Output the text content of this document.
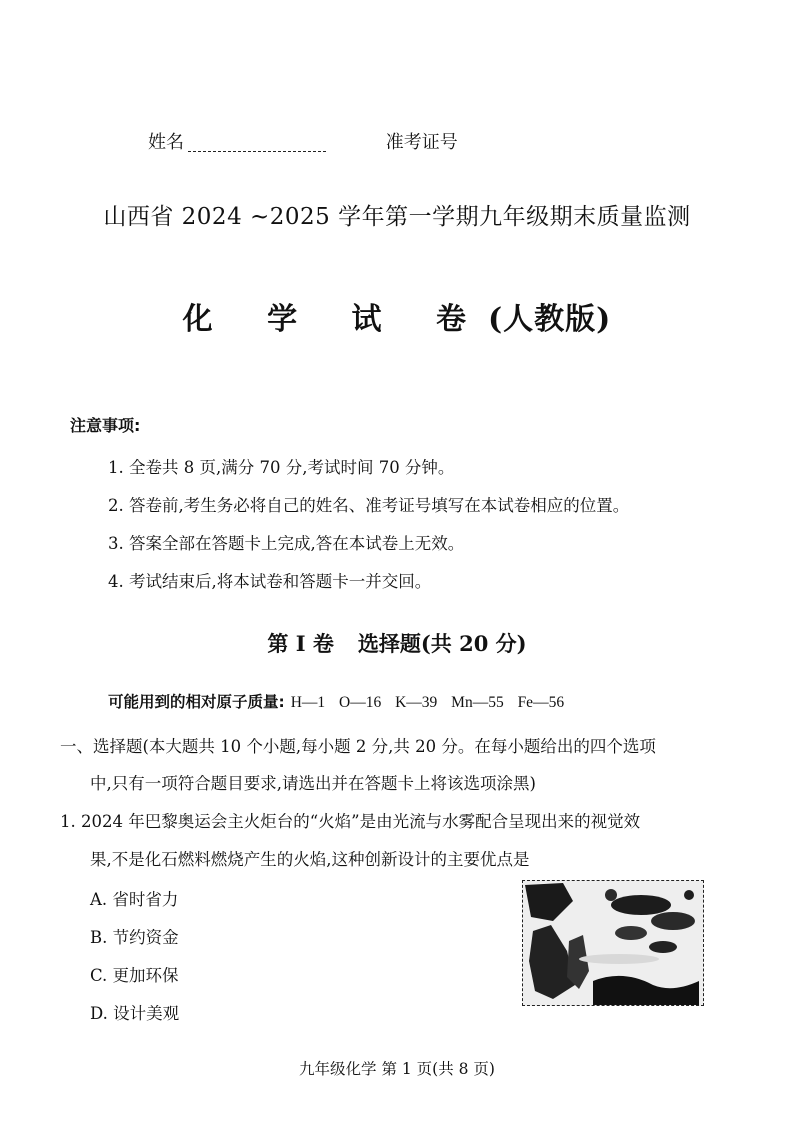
姓名	准考证号
山西省 2024 ~2025 学年第一学期九年级期末质量监测
化 学 试 卷(人教版)
注意事项:
1. 全卷共 8 页,满分 70 分,考试时间 70 分钟。
2. 答卷前,考生务必将自己的姓名、准考证号填写在本试卷相应的位置。
3. 答案全部在答题卡上完成,答在本试卷上无效。
4. 考试结束后,将本试卷和答题卡一并交回。
第 Ⅰ 卷 选择题(共 20 分)
可能用到的相对原子质量: H—1 O—16 K—39 Mn—55 Fe—56
一、选择题(本大题共 10 个小题,每小题 2 分,共 20 分。在每小题给出的四个选项
中,只有一项符合题目要求,请选出并在答题卡上将该选项涂黑)
1. 2024 年巴黎奥运会主火炬台的“火焰”是由光流与水雾配合呈现出来的视觉效
果,不是化石燃料燃烧产生的火焰,这种创新设计的主要优点是
A. 省时省力
B. 节约资金
C. 更加环保
D. 设计美观
九年级化学 第 1 页(共 8 页)
